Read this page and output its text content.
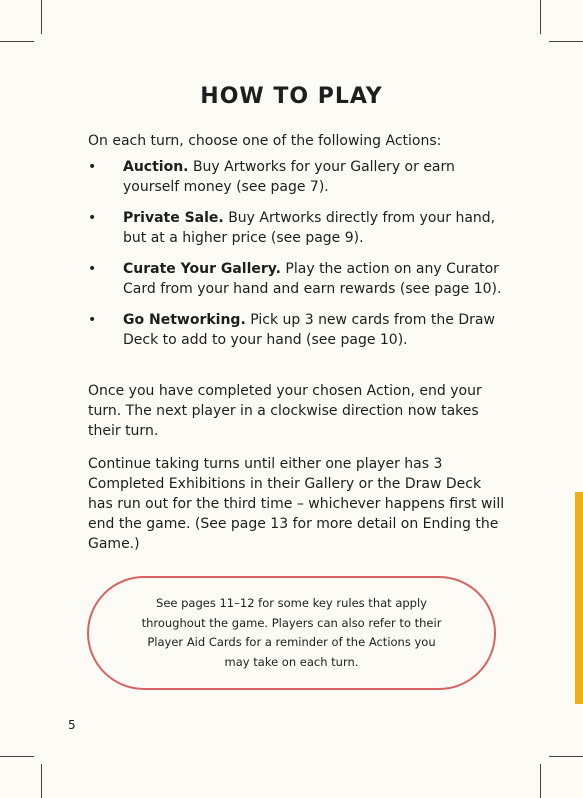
HOW TO PLAY

On each turn, choose one of the following Actions:

• Auction. Buy Artworks for your Gallery or earn yourself money (see page 7).
• Private Sale. Buy Artworks directly from your hand, but at a higher price (see page 9).
• Curate Your Gallery. Play the action on any Curator Card from your hand and earn rewards (see page 10).
• Go Networking. Pick up 3 new cards from the Draw Deck to add to your hand (see page 10).

Once you have completed your chosen Action, end your turn. The next player in a clockwise direction now takes their turn.

Continue taking turns until either one player has 3 Completed Exhibitions in their Gallery or the Draw Deck has run out for the third time – whichever happens first will end the game. (See page 13 for more detail on Ending the Game.)

See pages 11–12 for some key rules that apply throughout the game. Players can also refer to their Player Aid Cards for a reminder of the Actions you may take on each turn.

5
